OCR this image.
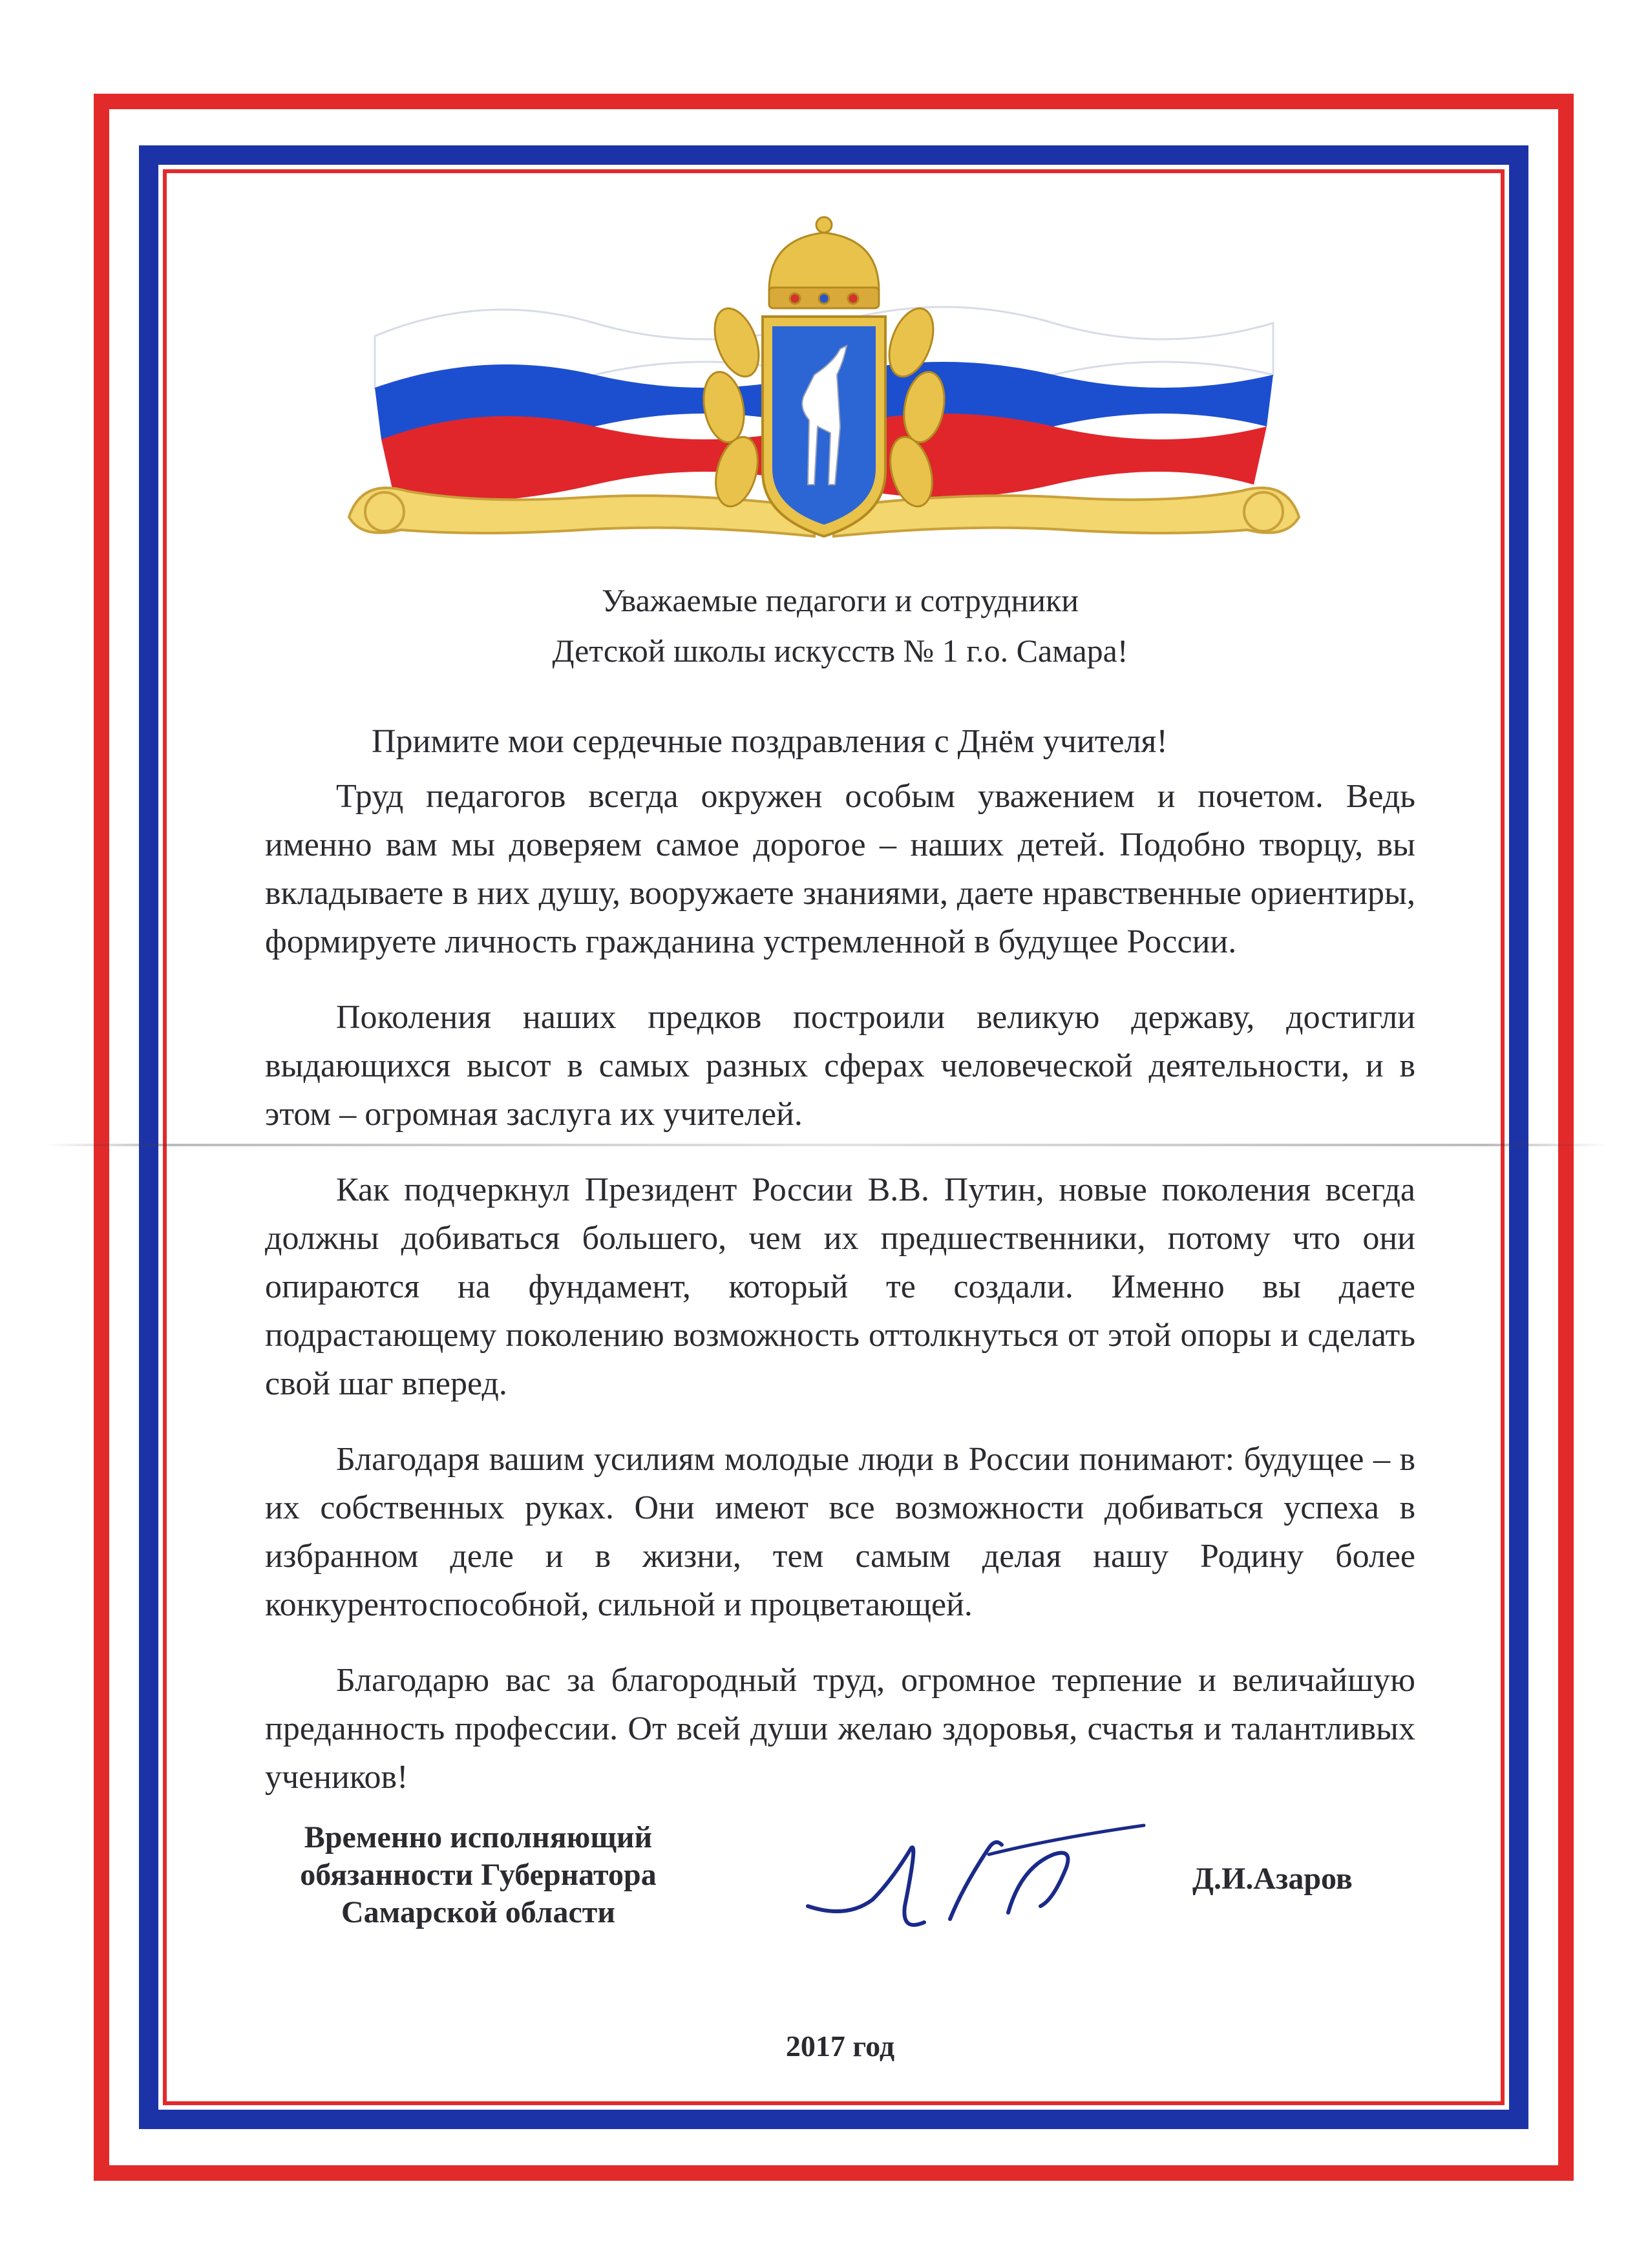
Уважаемые педагоги и сотрудники
Детской школы искусств № 1 г.о. Самара!
Примите мои сердечные поздравления с Днём учителя!

Труд педагогов всегда окружен особым уважением и почетом. Ведь именно вам мы доверяем самое дорогое – наших детей. Подобно творцу, вы вкладываете в них душу, вооружаете знаниями, даете нравственные ориентиры, формируете личность гражданина устремленной в будущее России.

Поколения наших предков построили великую державу, достигли выдающихся высот в самых разных сферах человеческой деятельности, и в этом – огромная заслуга их учителей.

Как подчеркнул Президент России В.В. Путин, новые поколения всегда должны добиваться большего, чем их предшественники, потому что они опираются на фундамент, который те создали. Именно вы даете подрастающему поколению возможность оттолкнуться от этой опоры и сделать свой шаг вперед.

Благодаря вашим усилиям молодые люди в России понимают: будущее – в их собственных руках. Они имеют все возможности добиваться успеха в избранном деле и в жизни, тем самым делая нашу Родину более конкурентоспособной, сильной и процветающей.

Благодарю вас за благородный труд, огромное терпение и величайшую преданность профессии. От всей души желаю здоровья, счастья и талантливых учеников!

Временно исполняющий
обязанности Губернатора
Самарской области
Д.И.Азаров
2017 год
